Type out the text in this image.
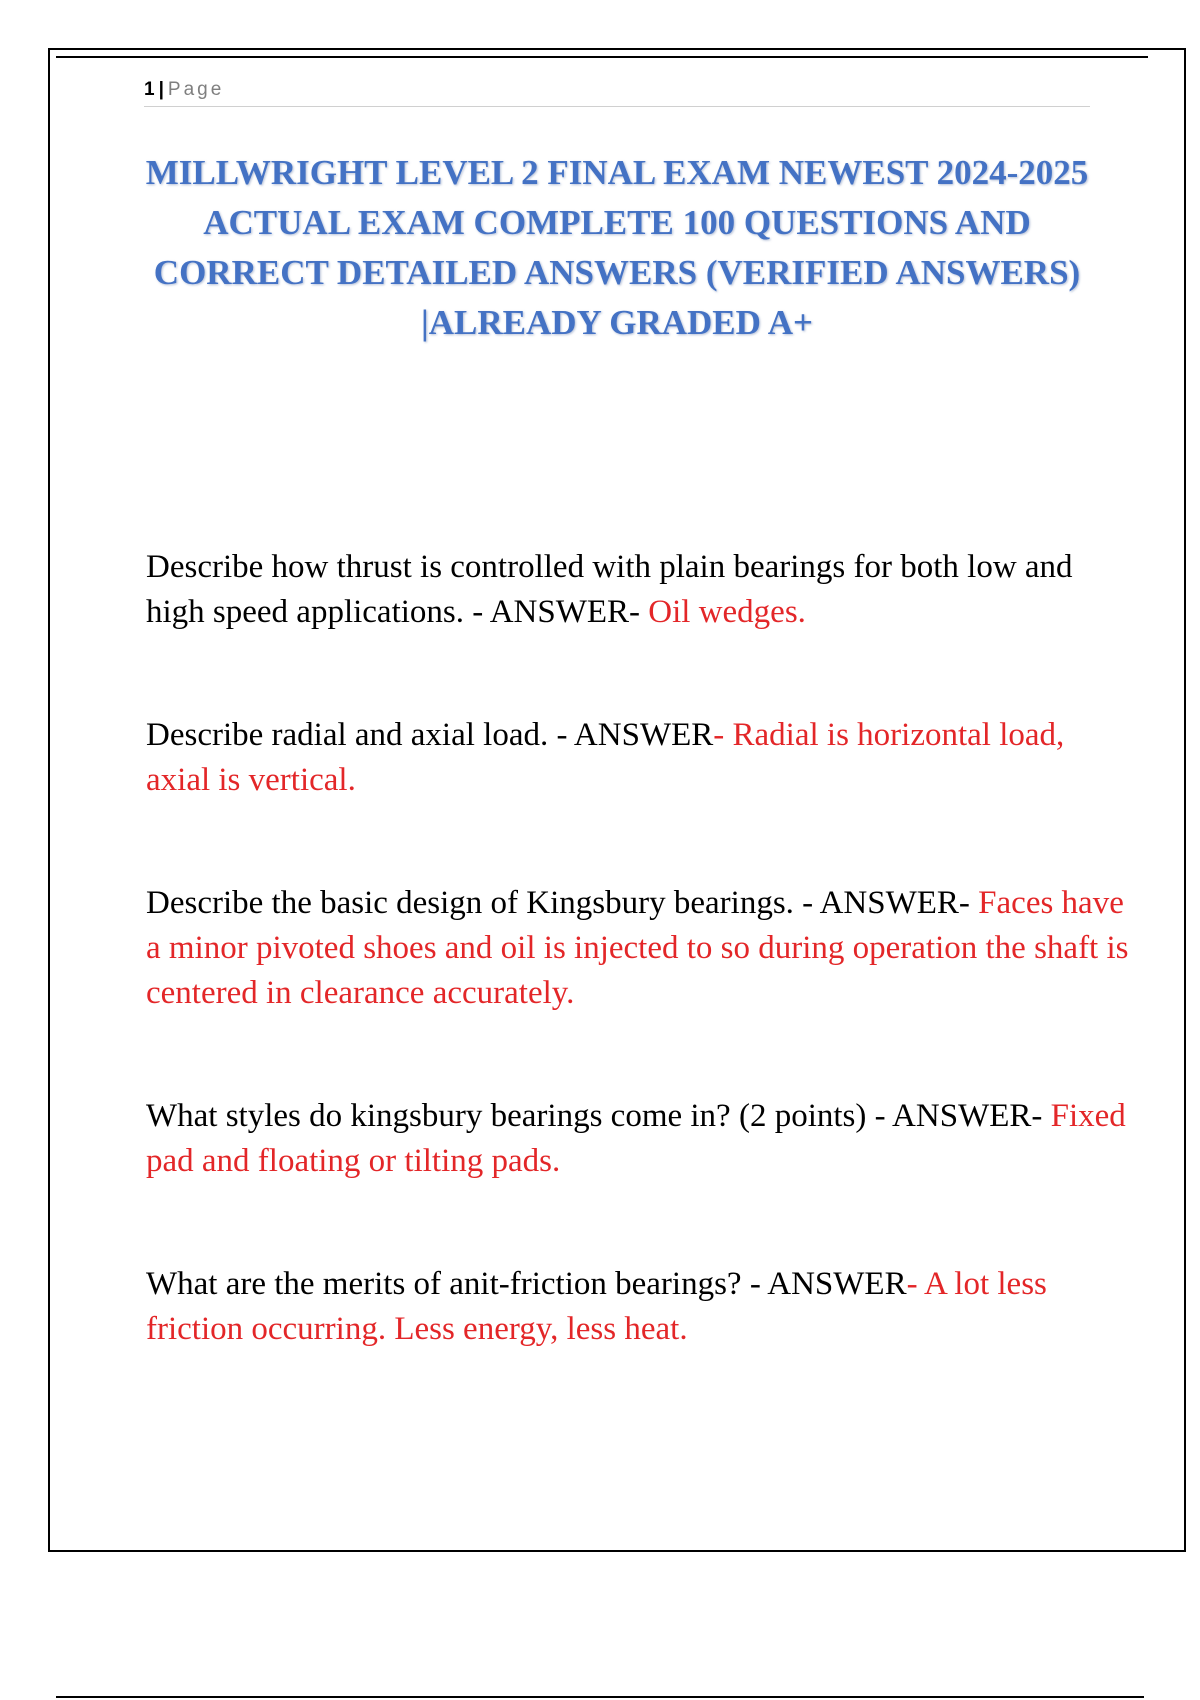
1 | Page
MILLWRIGHT LEVEL 2 FINAL EXAM NEWEST 2024-2025 ACTUAL EXAM COMPLETE 100 QUESTIONS AND CORRECT DETAILED ANSWERS (VERIFIED ANSWERS) |ALREADY GRADED A+

Describe how thrust is controlled with plain bearings for both low and high speed applications. - ANSWER- Oil wedges.

Describe radial and axial load. - ANSWER- Radial is horizontal load, axial is vertical.

Describe the basic design of Kingsbury bearings. - ANSWER- Faces have a minor pivoted shoes and oil is injected to so during operation the shaft is centered in clearance accurately.

What styles do kingsbury bearings come in? (2 points) - ANSWER- Fixed pad and floating or tilting pads.

What are the merits of anit-friction bearings? - ANSWER- A lot less friction occurring. Less energy, less heat.
